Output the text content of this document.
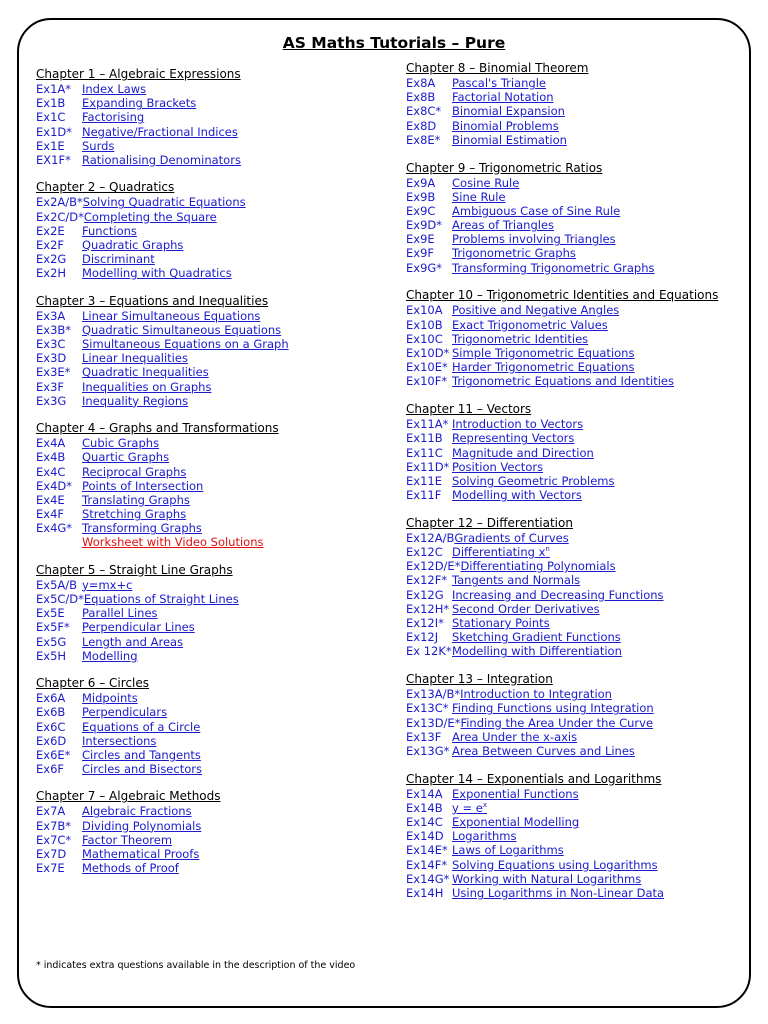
AS Maths Tutorials – Pure
Chapter 1 – Algebraic Expressions
Ex1A* Index Laws
Ex1B Expanding Brackets
Ex1C Factorising
Ex1D* Negative/Fractional Indices
Ex1E Surds
EX1F* Rationalising Denominators
Chapter 2 – Quadratics
Ex2A/B*Solving Quadratic Equations
Ex2C/D*Completing the Square
Ex2E Functions
Ex2F Quadratic Graphs
Ex2G Discriminant
Ex2H Modelling with Quadratics
Chapter 3 – Equations and Inequalities
Ex3A Linear Simultaneous Equations
Ex3B* Quadratic Simultaneous Equations
Ex3C Simultaneous Equations on a Graph
Ex3D Linear Inequalities
Ex3E* Quadratic Inequalities
Ex3F Inequalities on Graphs
Ex3G Inequality Regions
Chapter 4 – Graphs and Transformations
Ex4A Cubic Graphs
Ex4B Quartic Graphs
Ex4C Reciprocal Graphs
Ex4D* Points of Intersection
Ex4E Translating Graphs
Ex4F Stretching Graphs
Ex4G* Transforming Graphs
Worksheet with Video Solutions
Chapter 5 – Straight Line Graphs
Ex5A/B y=mx+c
Ex5C/D*Equations of Straight Lines
Ex5E Parallel Lines
Ex5F* Perpendicular Lines
Ex5G Length and Areas
Ex5H Modelling
Chapter 6 – Circles
Ex6A Midpoints
Ex6B Perpendiculars
Ex6C Equations of a Circle
Ex6D Intersections
Ex6E* Circles and Tangents
Ex6F Circles and Bisectors
Chapter 7 – Algebraic Methods
Ex7A Algebraic Fractions
Ex7B* Dividing Polynomials
Ex7C* Factor Theorem
Ex7D Mathematical Proofs
Ex7E Methods of Proof
Chapter 8 – Binomial Theorem
Ex8A Pascal's Triangle
Ex8B Factorial Notation
Ex8C* Binomial Expansion
Ex8D Binomial Problems
Ex8E* Binomial Estimation
Chapter 9 – Trigonometric Ratios
Ex9A Cosine Rule
Ex9B Sine Rule
Ex9C Ambiguous Case of Sine Rule
Ex9D* Areas of Triangles
Ex9E Problems involving Triangles
Ex9F Trigonometric Graphs
Ex9G* Transforming Trigonometric Graphs
Chapter 10 – Trigonometric Identities and Equations
Ex10A Positive and Negative Angles
Ex10B Exact Trigonometric Values
Ex10C Trigonometric Identities
Ex10D* Simple Trigonometric Equations
Ex10E* Harder Trigonometric Equations
Ex10F* Trigonometric Equations and Identities
Chapter 11 – Vectors
Ex11A* Introduction to Vectors
Ex11B Representing Vectors
Ex11C Magnitude and Direction
Ex11D* Position Vectors
Ex11E Solving Geometric Problems
Ex11F Modelling with Vectors
Chapter 12 – Differentiation
Ex12A/BGradients of Curves
Ex12C Differentiating $x^n$
Ex12D/E*Differentiating Polynomials
Ex12F* Tangents and Normals
Ex12G Increasing and Decreasing Functions
Ex12H* Second Order Derivatives
Ex12I* Stationary Points
Ex12J Sketching Gradient Functions
Ex 12K*Modelling with Differentiation
Chapter 13 – Integration
Ex13A/B*Introduction to Integration
Ex13C* Finding Functions using Integration
Ex13D/E*Finding the Area Under the Curve
Ex13F Area Under the x-axis
Ex13G* Area Between Curves and Lines
Chapter 14 – Exponentials and Logarithms
Ex14A Exponential Functions
Ex14B $y = e^x$
Ex14C Exponential Modelling
Ex14D Logarithms
Ex14E* Laws of Logarithms
Ex14F* Solving Equations using Logarithms
Ex14G* Working with Natural Logarithms
Ex14H Using Logarithms in Non-Linear Data

* indicates extra questions available in the description of the video
